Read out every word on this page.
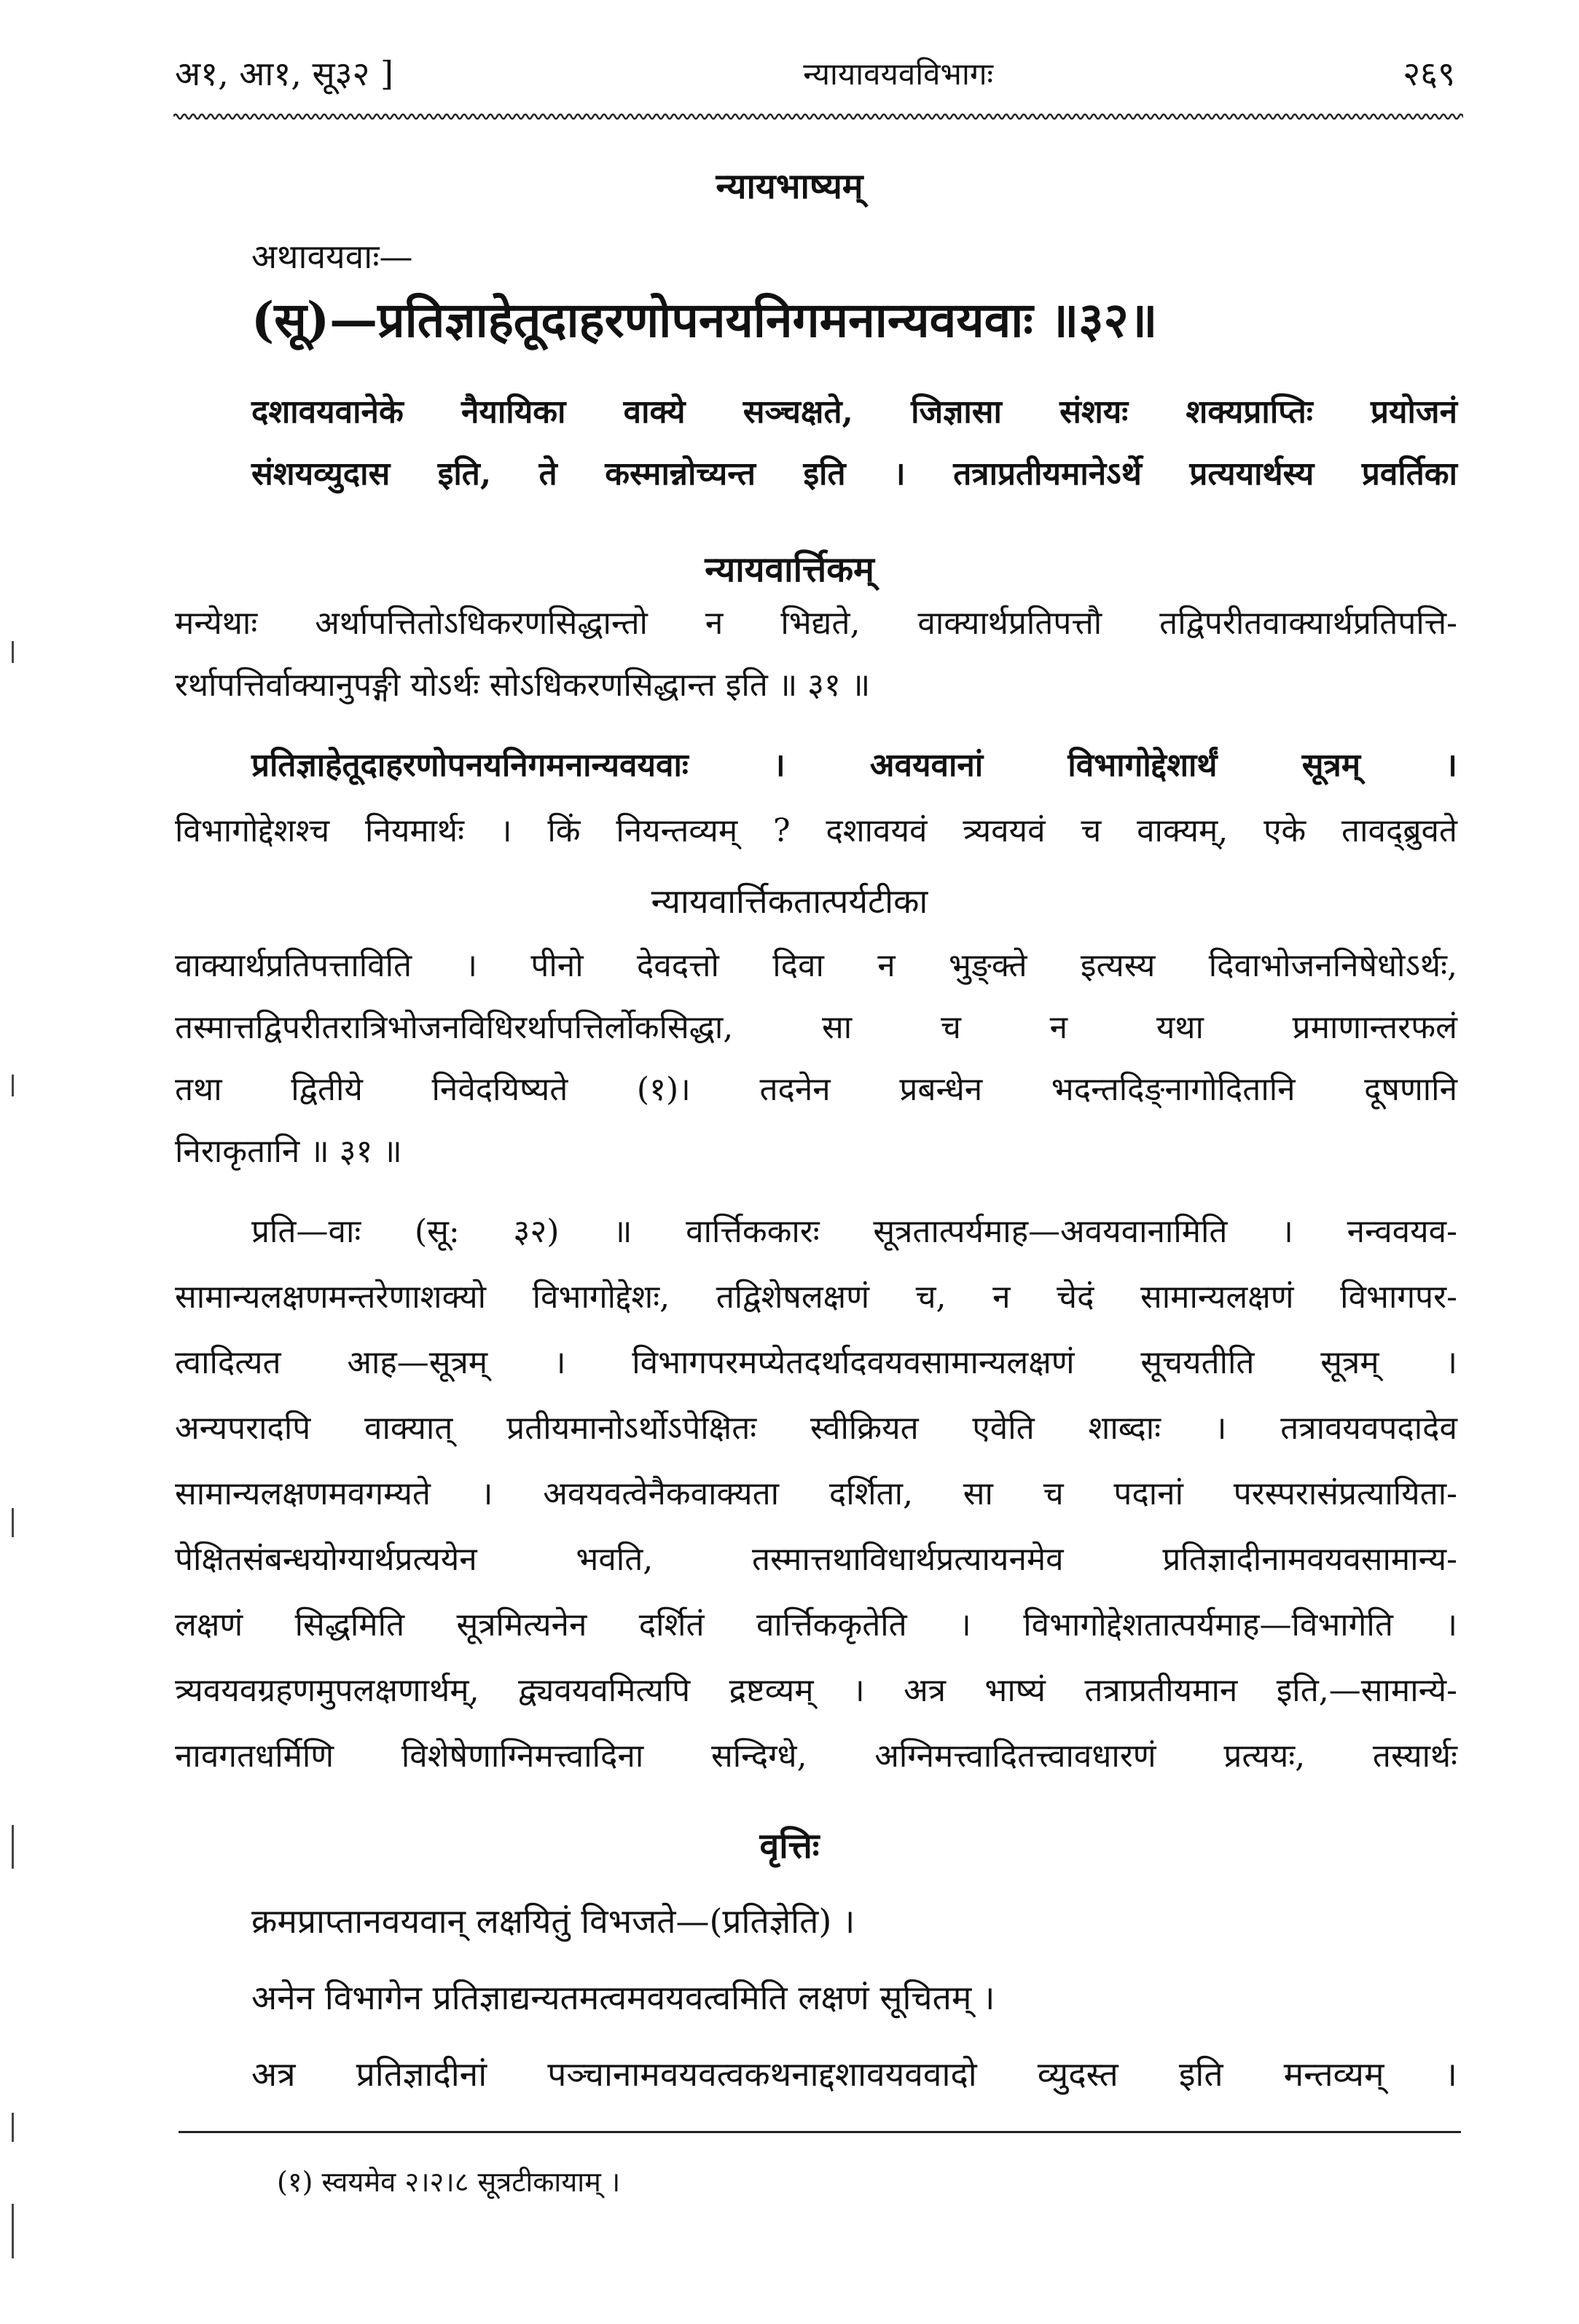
अ१, आ१, सू३२ ]	न्यायावयवविभागः	२६९
न्यायभाष्यम्
अथावयवाः—
(सू)—प्रतिज्ञाहेतूदाहरणोपनयनिगमनान्यवयवाः ॥३२॥
दशावयवानेके नैयायिका वाक्ये सञ्चक्षते, जिज्ञासा संशयः शक्यप्राप्तिः प्रयोजनं
संशयव्युदास इति, ते कस्मान्नोच्यन्त इति । तत्राप्रतीयमानेऽर्थे प्रत्ययार्थस्य प्रवर्तिका
न्यायवार्त्तिकम्
मन्येथाः अर्थापत्तितोऽधिकरणसिद्धान्तो न भिद्यते, वाक्यार्थप्रतिपत्तौ तद्विपरीतवाक्यार्थप्रतिपत्ति-
रर्थापत्तिर्वाक्यानुपङ्गी योऽर्थः सोऽधिकरणसिद्धान्त इति ॥ ३१ ॥
प्रतिज्ञाहेतूदाहरणोपनयनिगमनान्यवयवाः । अवयवानां विभागोद्देशार्थं सूत्रम् ।
विभागोद्देशश्च नियमार्थः । किं नियन्तव्यम् ? दशावयवं त्र्यवयवं च वाक्यम्, एके तावद्ब्रुवते
न्यायवार्त्तिकतात्पर्यटीका
वाक्यार्थप्रतिपत्ताविति । पीनो देवदत्तो दिवा न भुङ्क्ते इत्यस्य दिवाभोजननिषेधोऽर्थः,
तस्मात्तद्विपरीतरात्रिभोजनविधिरर्थापत्तिर्लोकसिद्धा, सा च न यथा प्रमाणान्तरफलं
तथा द्वितीये निवेदयिष्यते (१)। तदनेन प्रबन्धेन भदन्तदिङ्नागोदितानि दूषणानि
निराकृतानि ॥ ३१ ॥
प्रति—वाः (सू: ३२) ॥ वार्त्तिककारः सूत्रतात्पर्यमाह—अवयवानामिति । नन्ववयव-
सामान्यलक्षणमन्तरेणाशक्यो विभागोद्देशः, तद्विशेषलक्षणं च, न चेदं सामान्यलक्षणं विभागपर-
त्वादित्यत आह—सूत्रम् । विभागपरमप्येतदर्थादवयवसामान्यलक्षणं सूचयतीति सूत्रम् ।
अन्यपरादपि वाक्यात् प्रतीयमानोऽर्थोऽपेक्षितः स्वीक्रियत एवेति शाब्दाः । तत्रावयवपदादेव
सामान्यलक्षणमवगम्यते । अवयवत्वेनैकवाक्यता दर्शिता, सा च पदानां परस्परासंप्रत्यायिता-
पेक्षितसंबन्धयोग्यार्थप्रत्ययेन भवति, तस्मात्तथाविधार्थप्रत्यायनमेव प्रतिज्ञादीनामवयवसामान्य-
लक्षणं सिद्धमिति सूत्रमित्यनेन दर्शितं वार्त्तिककृतेति । विभागोद्देशतात्पर्यमाह—विभागेति ।
त्र्यवयवग्रहणमुपलक्षणार्थम्, द्व्यवयवमित्यपि द्रष्टव्यम् । अत्र भाष्यं तत्राप्रतीयमान इति,—सामान्ये-
नावगतधर्मिणि विशेषेणाग्निमत्त्वादिना सन्दिग्धे, अग्निमत्त्वादितत्त्वावधारणं प्रत्ययः, तस्यार्थः
वृत्तिः
क्रमप्राप्तानवयवान् लक्षयितुं विभजते—(प्रतिज्ञेति) ।
अनेन विभागेन प्रतिज्ञाद्यन्यतमत्वमवयवत्वमिति लक्षणं सूचितम् ।
अत्र प्रतिज्ञादीनां पञ्चानामवयवत्वकथनाद्दशावयववादो व्युदस्त इति मन्तव्यम् ।
(१) स्वयमेव २।२।८ सूत्रटीकायाम् ।
